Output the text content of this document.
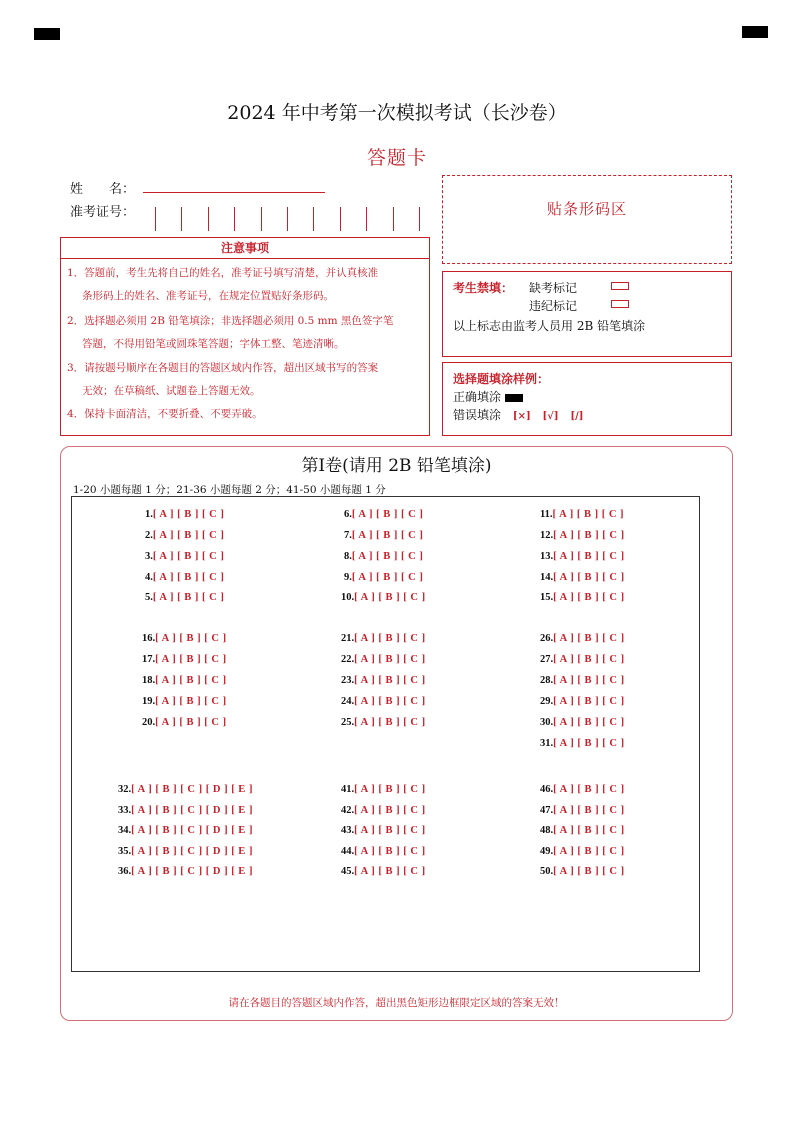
2024 年中考第一次模拟考试（长沙卷）
答题卡
姓　　名：
准考证号：	贴条形码区
注意事项

1．答题前，考生先将自己的姓名，准考证号填写清楚，并认真核准

条形码上的姓名、准考证号，在规定位置贴好条形码。

2．选择题必须用 2B 铅笔填涂；非选择题必须用 0.5 mm 黑色签字笔

答题，不得用铅笔或圆珠笔答题；字体工整、笔迹清晰。

3．请按题号顺序在各题目的答题区域内作答，超出区域书写的答案

无效；在草稿纸、试题卷上答题无效。

4．保持卡面清洁，不要折叠、不要弄破。

考生禁填： 缺考标记
违纪标记
以上标志由监考人员用 2B 铅笔填涂
选择题填涂样例：
正确填涂
错误填涂 [×] [√] [/]
第Ⅰ卷(请用 2B 铅笔填涂)
1-20 小题每题 1 分；21-36 小题每题 2 分；41-50 小题每题 1 分
1.[ A ] [ B ] [ C ]
2.[ A ] [ B ] [ C ]
3.[ A ] [ B ] [ C ]
4.[ A ] [ B ] [ C ]
5.[ A ] [ B ] [ C ]
16.[ A ] [ B ] [ C ]
17.[ A ] [ B ] [ C ]
18.[ A ] [ B ] [ C ]
19.[ A ] [ B ] [ C ]
20.[ A ] [ B ] [ C ]
32.[ A ] [ B ] [ C ] [ D ] [ E ]
33.[ A ] [ B ] [ C ] [ D ] [ E ]
34.[ A ] [ B ] [ C ] [ D ] [ E ]
35.[ A ] [ B ] [ C ] [ D ] [ E ]
36.[ A ] [ B ] [ C ] [ D ] [ E ]
6.[ A ] [ B ] [ C ]
7.[ A ] [ B ] [ C ]
8.[ A ] [ B ] [ C ]
9.[ A ] [ B ] [ C ]
10.[ A ] [ B ] [ C ]
21.[ A ] [ B ] [ C ]
22.[ A ] [ B ] [ C ]
23.[ A ] [ B ] [ C ]
24.[ A ] [ B ] [ C ]
25.[ A ] [ B ] [ C ]
41.[ A ] [ B ] [ C ]
42.[ A ] [ B ] [ C ]
43.[ A ] [ B ] [ C ]
44.[ A ] [ B ] [ C ]
45.[ A ] [ B ] [ C ]
11.[ A ] [ B ] [ C ]
12.[ A ] [ B ] [ C ]
13.[ A ] [ B ] [ C ]
14.[ A ] [ B ] [ C ]
15.[ A ] [ B ] [ C ]
26.[ A ] [ B ] [ C ]
27.[ A ] [ B ] [ C ]
28.[ A ] [ B ] [ C ]
29.[ A ] [ B ] [ C ]
30.[ A ] [ B ] [ C ]
31.[ A ] [ B ] [ C ]
46.[ A ] [ B ] [ C ]
47.[ A ] [ B ] [ C ]
48.[ A ] [ B ] [ C ]
49.[ A ] [ B ] [ C ]
50.[ A ] [ B ] [ C ]
请在各题目的答题区域内作答，超出黑色矩形边框限定区域的答案无效！
